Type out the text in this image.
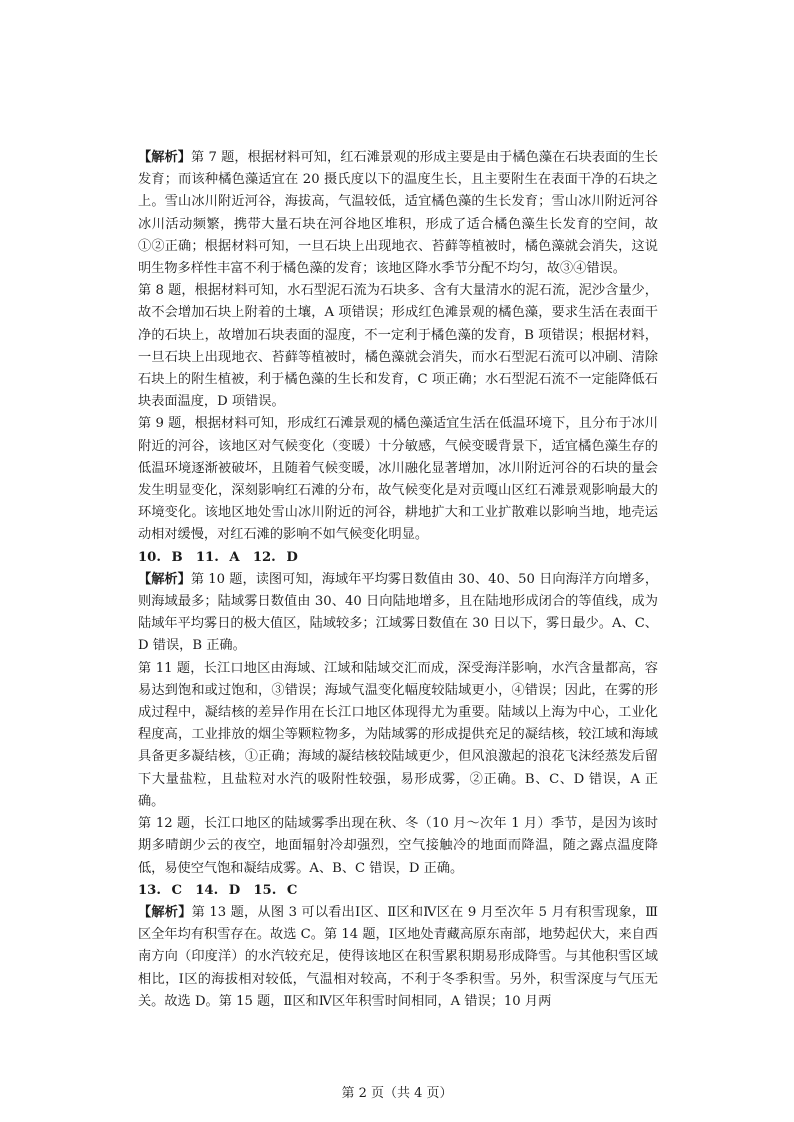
【解析】第 7 题，根据材料可知，红石滩景观的形成主要是由于橘色藻在石块表面的生长发育；而该种橘色藻适宜在 20 摄氏度以下的温度生长，且主要附生在表面干净的石块之上。雪山冰川附近河谷，海拔高，气温较低，适宜橘色藻的生长发育；雪山冰川附近河谷冰川活动频繁，携带大量石块在河谷地区堆积，形成了适合橘色藻生长发育的空间，故①②正确；根据材料可知，一旦石块上出现地衣、苔藓等植被时，橘色藻就会消失，这说明生物多样性丰富不利于橘色藻的发育；该地区降水季节分配不均匀，故③④错误。

第 8 题，根据材料可知，水石型泥石流为石块多、含有大量清水的泥石流，泥沙含量少，故不会增加石块上附着的土壤，A 项错误；形成红色滩景观的橘色藻，要求生活在表面干净的石块上，故增加石块表面的湿度，不一定利于橘色藻的发育，B 项错误；根据材料，一旦石块上出现地衣、苔藓等植被时，橘色藻就会消失，而水石型泥石流可以冲刷、清除石块上的附生植被，利于橘色藻的生长和发育，C 项正确；水石型泥石流不一定能降低石块表面温度，D 项错误。

第 9 题，根据材料可知，形成红石滩景观的橘色藻适宜生活在低温环境下，且分布于冰川附近的河谷，该地区对气候变化（变暖）十分敏感，气候变暖背景下，适宜橘色藻生存的低温环境逐渐被破坏，且随着气候变暖，冰川融化显著增加，冰川附近河谷的石块的量会发生明显变化，深刻影响红石滩的分布，故气候变化是对贡嘎山区红石滩景观影响最大的环境变化。该地区地处雪山冰川附近的河谷，耕地扩大和工业扩散难以影响当地，地壳运动相对缓慢，对红石滩的影响不如气候变化明显。

10. B　11. A　12. D

【解析】第 10 题，读图可知，海域年平均雾日数值由 30、40、50 日向海洋方向增多，则海域最多；陆域雾日数值由 30、40 日向陆地增多，且在陆地形成闭合的等值线，成为陆域年平均雾日的极大值区，陆域较多；江域雾日数值在 30 日以下，雾日最少。A、C、D 错误，B 正确。

第 11 题，长江口地区由海域、江域和陆域交汇而成，深受海洋影响，水汽含量都高，容易达到饱和或过饱和，③错误；海域气温变化幅度较陆域更小，④错误；因此，在雾的形成过程中，凝结核的差异作用在长江口地区体现得尤为重要。陆域以上海为中心，工业化程度高，工业排放的烟尘等颗粒物多，为陆域雾的形成提供充足的凝结核，较江域和海域具备更多凝结核，①正确；海域的凝结核较陆域更少，但风浪激起的浪花飞沫经蒸发后留下大量盐粒，且盐粒对水汽的吸附性较强，易形成雾，②正确。B、C、D 错误，A 正确。

第 12 题，长江口地区的陆域雾季出现在秋、冬（10 月～次年 1 月）季节，是因为该时期多晴朗少云的夜空，地面辐射冷却强烈，空气接触冷的地面而降温，随之露点温度降低，易使空气饱和凝结成雾。A、B、C 错误，D 正确。

13. C　14. D　15. C

【解析】第 13 题，从图 3 可以看出Ⅰ区、Ⅱ区和Ⅳ区在 9 月至次年 5 月有积雪现象，Ⅲ区全年均有积雪存在。故选 C。第 14 题，Ⅰ区地处青藏高原东南部，地势起伏大，来自西南方向（印度洋）的水汽较充足，使得该地区在积雪累积期易形成降雪。与其他积雪区域相比，Ⅰ区的海拔相对较低，气温相对较高，不利于冬季积雪。另外，积雪深度与气压无关。故选 D。第 15 题，Ⅱ区和Ⅳ区年积雪时间相同，A 错误；10 月两

第 2 页（共 4 页）
